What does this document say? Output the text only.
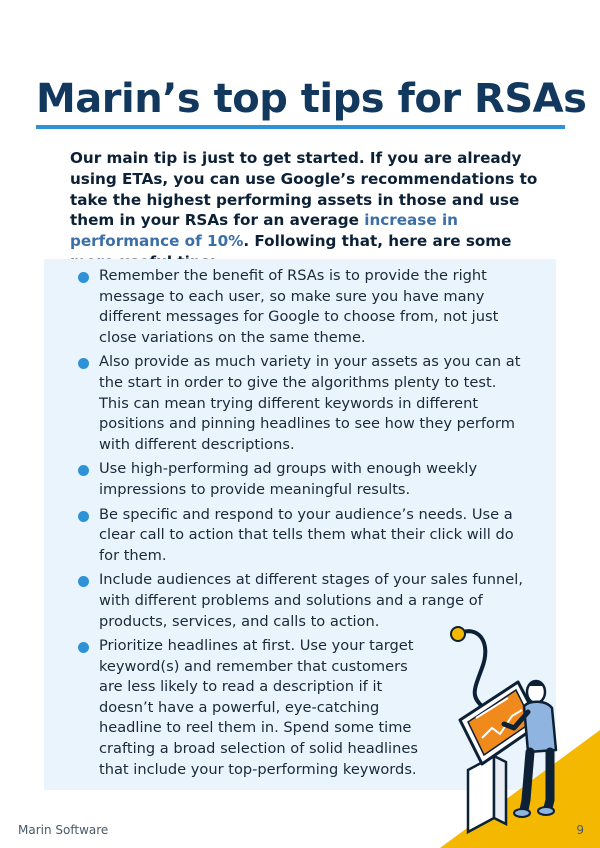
Marin’s top tips for RSAs

Our main tip is just to get started. If you are already using ETAs, you can use Google’s recommendations to take the highest performing assets in those and use them in your RSAs for an average increase in performance of 10%. Following that, here are some

Remember the benefit of RSAs is to provide the right message to each user, so make sure you have many different messages for Google to choose from, not just close variations on the same theme.
Also provide as much variety in your assets as you can at the start in order to give the algorithms plenty to test. This can mean trying different keywords in different positions and pinning headlines to see how they perform with different descriptions.
Use high-performing ad groups with enough weekly impressions to provide meaningful results.
Be specific and respond to your audience’s needs. Use a clear call to action that tells them what their click will do for them.
Include audiences at different stages of your sales funnel, with different problems and solutions and a range of products, services, and calls to action.
Prioritize headlines at first. Use your target keyword(s) and remember that customers are less likely to read a description if it doesn’t have a powerful, eye-catching headline to reel them in. Spend some time crafting a broad selection of solid headlines that include your top-performing keywords.
Marin Software	9
